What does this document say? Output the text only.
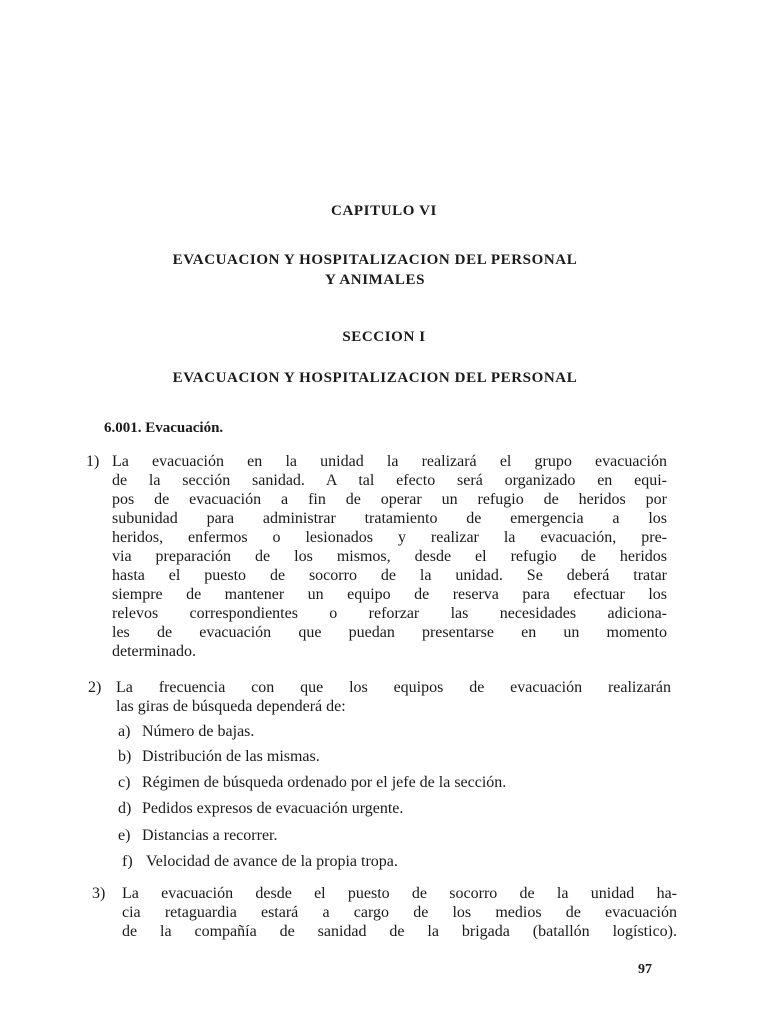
CAPITULO VI
EVACUACION Y HOSPITALIZACION DEL PERSONAL
Y ANIMALES
SECCION I
EVACUACION Y HOSPITALIZACION DEL PERSONAL
6.001. Evacuación.
1) La evacuación en la unidad la realizará el grupo evacuación
de la sección sanidad. A tal efecto será organizado en equi-
pos de evacuación a fin de operar un refugio de heridos por
subunidad para administrar tratamiento de emergencia a los
heridos, enfermos o lesionados y realizar la evacuación, pre-
via preparación de los mismos, desde el refugio de heridos
hasta el puesto de socorro de la unidad. Se deberá tratar
siempre de mantener un equipo de reserva para efectuar los
relevos correspondientes o reforzar las necesidades adiciona-
les de evacuación que puedan presentarse en un momento
determinado.
2) La frecuencia con que los equipos de evacuación realizarán
las giras de búsqueda dependerá de:
a) Número de bajas.
b) Distribución de las mismas.
c) Régimen de búsqueda ordenado por el jefe de la sección.
d) Pedidos expresos de evacuación urgente.
e) Distancias a recorrer.
f) Velocidad de avance de la propia tropa.
3) La evacuación desde el puesto de socorro de la unidad ha-
cia retaguardia estará a cargo de los medios de evacuación
de la compañía de sanidad de la brigada (batallón logístico).
97
